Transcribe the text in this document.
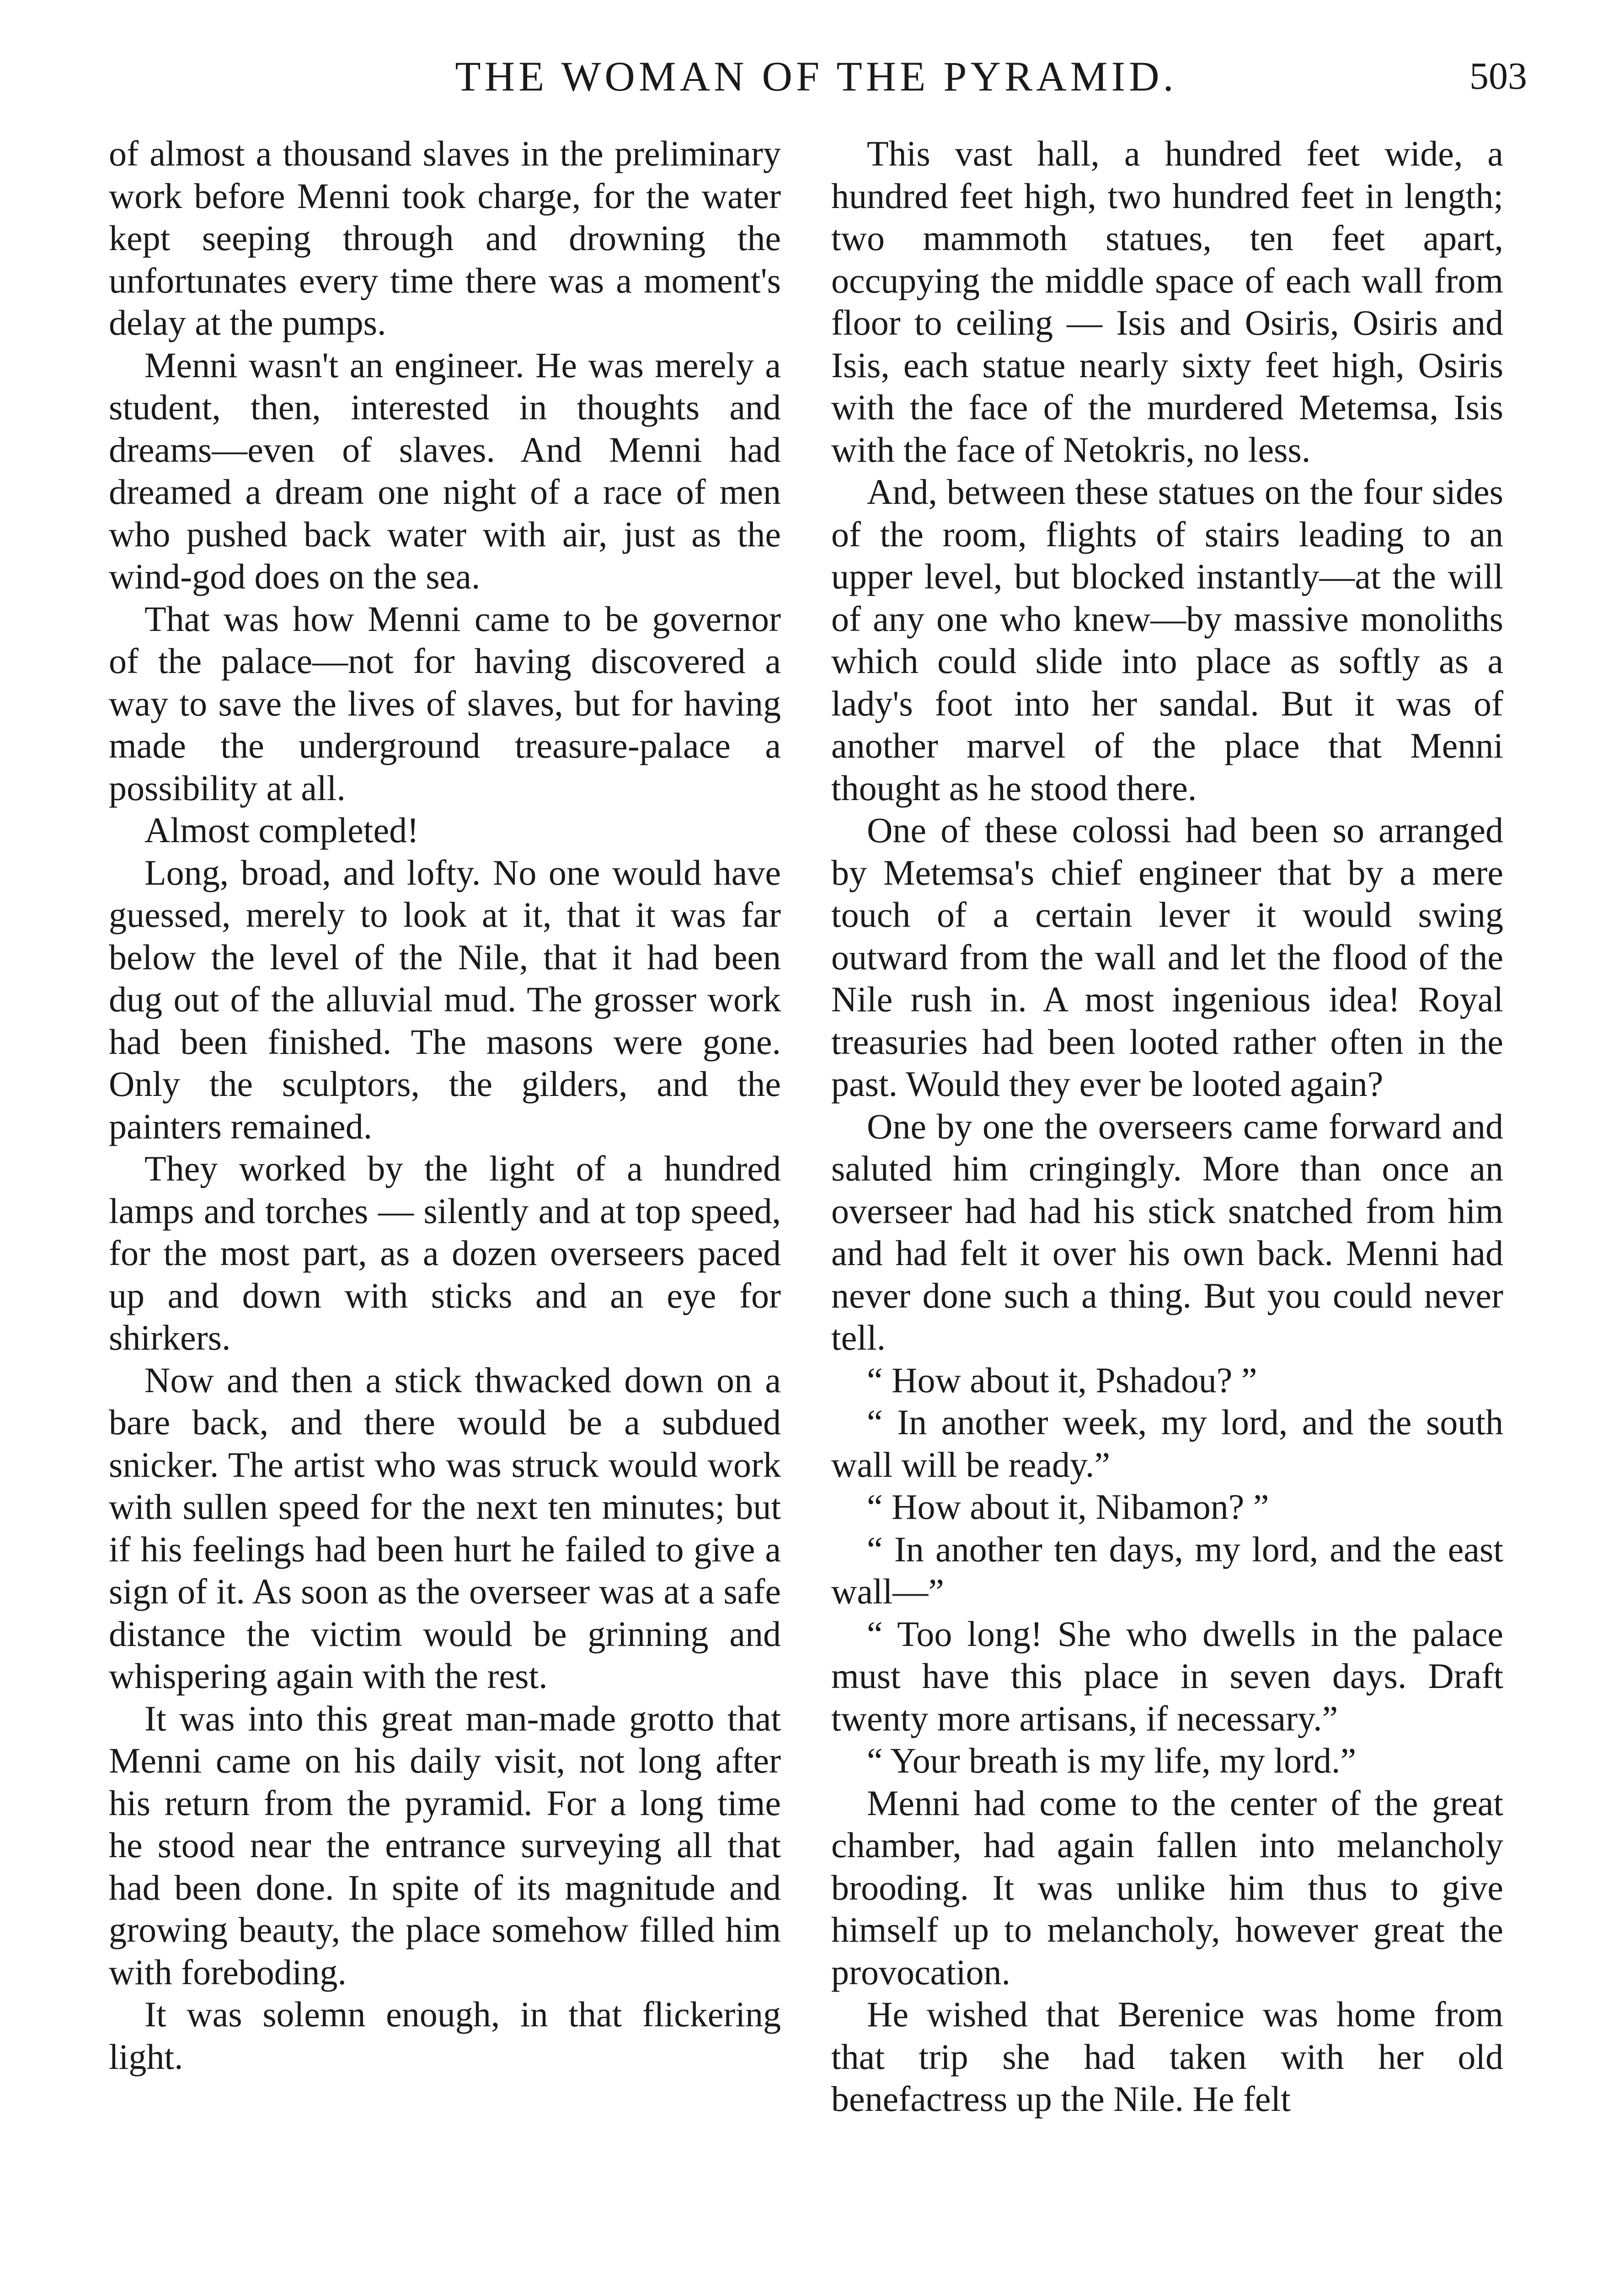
THE WOMAN OF THE PYRAMID.	503

of almost a thousand slaves in the preliminary work before Menni took charge, for the water kept seeping through and drowning the unfortunates every time there was a moment's delay at the pumps.

Menni wasn't an engineer. He was merely a student, then, interested in thoughts and dreams—even of slaves. And Menni had dreamed a dream one night of a race of men who pushed back water with air, just as the wind-god does on the sea.

That was how Menni came to be governor of the palace—not for having discovered a way to save the lives of slaves, but for having made the underground treasure-palace a possibility at all.

Almost completed!

Long, broad, and lofty. No one would have guessed, merely to look at it, that it was far below the level of the Nile, that it had been dug out of the alluvial mud. The grosser work had been finished. The masons were gone. Only the sculptors, the gilders, and the painters remained.

They worked by the light of a hundred lamps and torches — silently and at top speed, for the most part, as a dozen overseers paced up and down with sticks and an eye for shirkers.

Now and then a stick thwacked down on a bare back, and there would be a subdued snicker. The artist who was struck would work with sullen speed for the next ten minutes; but if his feelings had been hurt he failed to give a sign of it. As soon as the overseer was at a safe distance the victim would be grinning and whispering again with the rest.

It was into this great man-made grotto that Menni came on his daily visit, not long after his return from the pyramid. For a long time he stood near the entrance surveying all that had been done. In spite of its magnitude and growing beauty, the place somehow filled him with foreboding.

It was solemn enough, in that flickering light.

This vast hall, a hundred feet wide, a hundred feet high, two hundred feet in length; two mammoth statues, ten feet apart, occupying the middle space of each wall from floor to ceiling — Isis and Osiris, Osiris and Isis, each statue nearly sixty feet high, Osiris with the face of the murdered Metemsa, Isis with the face of Netokris, no less.

And, between these statues on the four sides of the room, flights of stairs leading to an upper level, but blocked instantly—at the will of any one who knew—by massive monoliths which could slide into place as softly as a lady's foot into her sandal. But it was of another marvel of the place that Menni thought as he stood there.

One of these colossi had been so arranged by Metemsa's chief engineer that by a mere touch of a certain lever it would swing outward from the wall and let the flood of the Nile rush in. A most ingenious idea! Royal treasuries had been looted rather often in the past. Would they ever be looted again?

One by one the overseers came forward and saluted him cringingly. More than once an overseer had had his stick snatched from him and had felt it over his own back. Menni had never done such a thing. But you could never tell.

“ How about it, Pshadou? ”

“ In another week, my lord, and the south wall will be ready.”

“ How about it, Nibamon? ”

“ In another ten days, my lord, and the east wall—”

“ Too long! She who dwells in the palace must have this place in seven days. Draft twenty more artisans, if necessary.”

“ Your breath is my life, my lord.”

Menni had come to the center of the great chamber, had again fallen into melancholy brooding. It was unlike him thus to give himself up to melancholy, however great the provocation.

He wished that Berenice was home from that trip she had taken with her old benefactress up the Nile. He felt
